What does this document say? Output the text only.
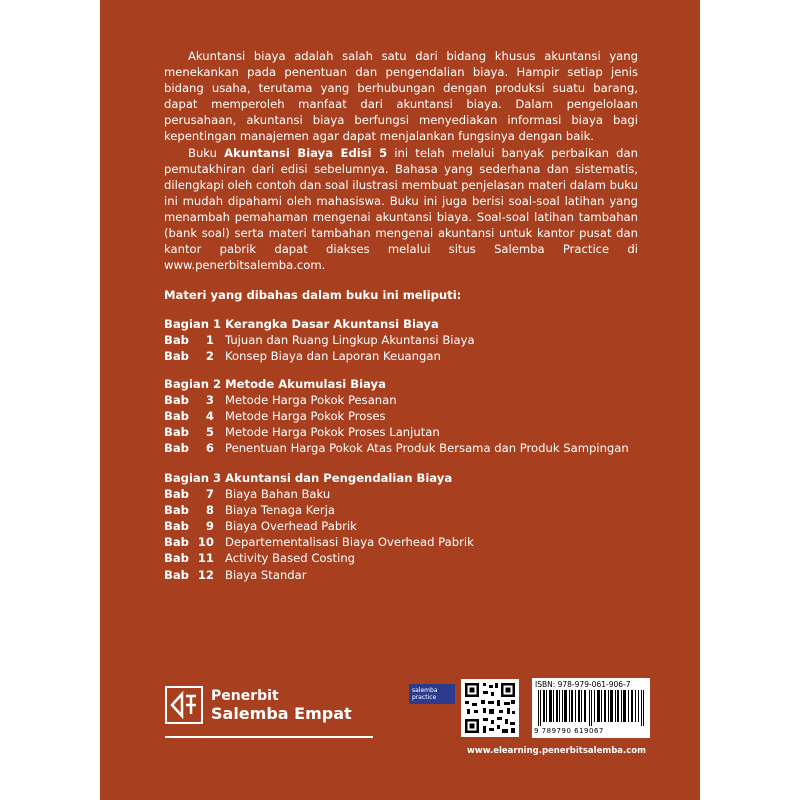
Akuntansi biaya adalah salah satu dari bidang khusus akuntansi yang menekankan pada penentuan dan pengendalian biaya. Hampir setiap jenis bidang usaha, terutama yang berhubungan dengan produksi suatu barang, dapat memperoleh manfaat dari akuntansi biaya. Dalam pengelolaan perusahaan, akuntansi biaya berfungsi menyediakan informasi biaya bagi kepentingan manajemen agar dapat menjalankan fungsinya dengan baik.

Buku Akuntansi Biaya Edisi 5 ini telah melalui banyak perbaikan dan pemutakhiran dari edisi sebelumnya. Bahasa yang sederhana dan sistematis, dilengkapi oleh contoh dan soal ilustrasi membuat penjelasan materi dalam buku ini mudah dipahami oleh mahasiswa. Buku ini juga berisi soal-soal latihan yang menambah pemahaman mengenai akuntansi biaya. Soal-soal latihan tambahan (bank soal) serta materi tambahan mengenai akuntansi untuk kantor pusat dan kantor pabrik dapat diakses melalui situs Salemba Practice di www.penerbitsalemba.com.

Materi yang dibahas dalam buku ini meliputi:
Bagian 1 Kerangka Dasar Akuntansi Biaya
Bab	1 Tujuan dan Ruang Lingkup Akuntansi Biaya
Bab	2 Konsep Biaya dan Laporan Keuangan
Bagian 2 Metode Akumulasi Biaya
Bab	3 Metode Harga Pokok Pesanan
Bab	4 Metode Harga Pokok Proses
Bab	5 Metode Harga Pokok Proses Lanjutan
Bab	6 Penentuan Harga Pokok Atas Produk Bersama dan Produk Sampingan
Bagian 3 Akuntansi dan Pengendalian Biaya
Bab	7 Biaya Bahan Baku
Bab	8 Biaya Tenaga Kerja
Bab	9 Biaya Overhead Pabrik
Bab 10 Departementalisasi Biaya Overhead Pabrik
Bab 11 Activity Based Costing
Bab 12 Biaya Standar
Penerbit
Salemba Empat
salemba
practice
ISBN: 978-979-061-906-7
9 789790 619067
www.elearning.penerbitsalemba.com
